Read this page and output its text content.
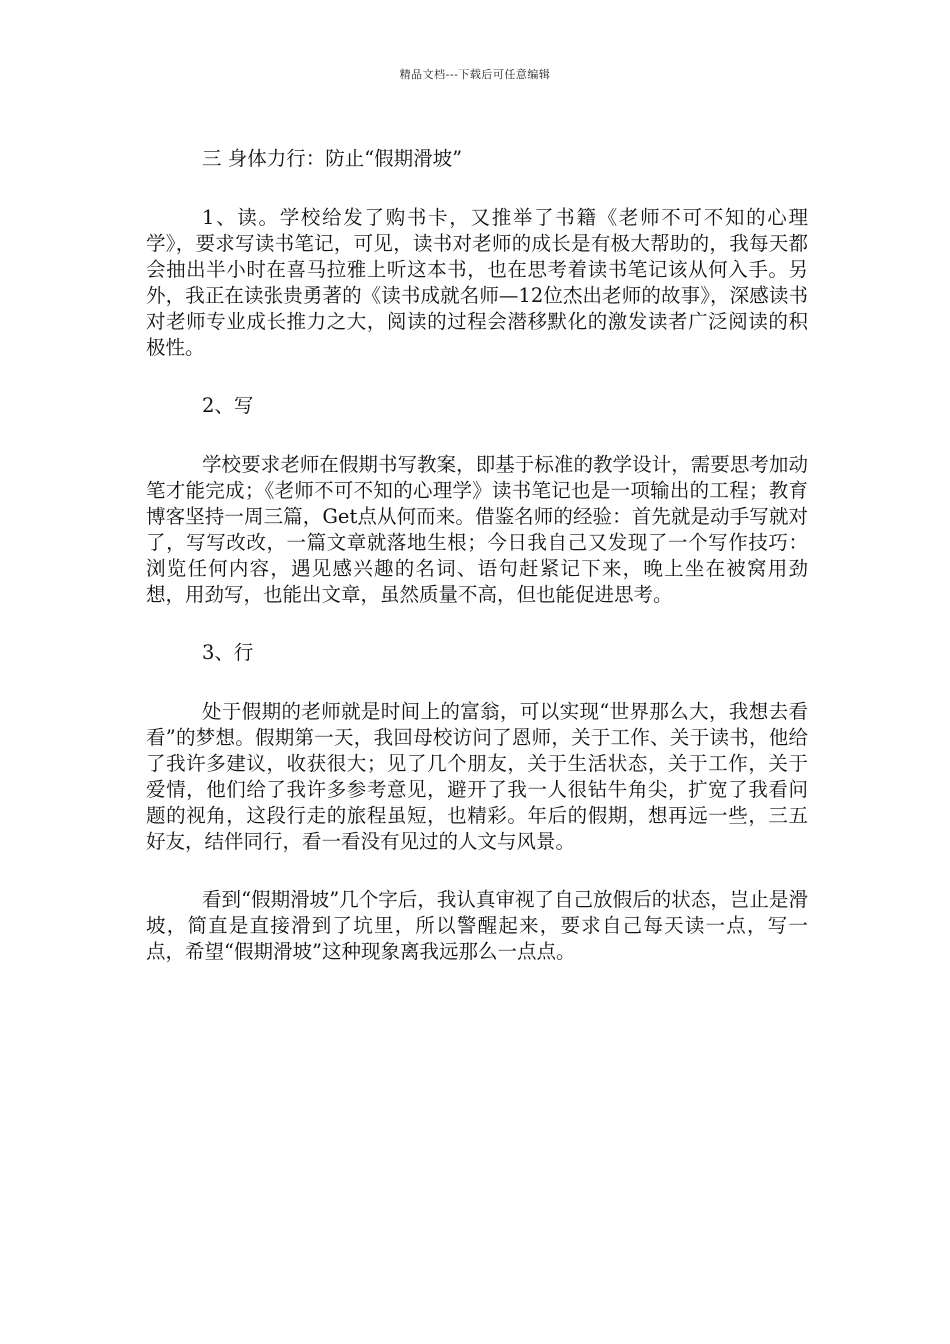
精品文档---下载后可任意编辑

三 身体力行：防止“假期滑坡”

1、读。学校给发了购书卡，又推举了书籍《老师不可不知的心理学》，要求写读书笔记，可见，读书对老师的成长是有极大帮助的，我每天都会抽出半小时在喜马拉雅上听这本书，也在思考着读书笔记该从何入手。另外，我正在读张贵勇著的《读书成就名师—12位杰出老师的故事》，深感读书对老师专业成长推力之大，阅读的过程会潜移默化的激发读者广泛阅读的积极性。

2、写

学校要求老师在假期书写教案，即基于标准的教学设计，需要思考加动笔才能完成；《老师不可不知的心理学》读书笔记也是一项输出的工程；教育博客坚持一周三篇，Get点从何而来。借鉴名师的经验：首先就是动手写就对了，写写改改，一篇文章就落地生根；今日我自己又发现了一个写作技巧：浏览任何内容，遇见感兴趣的名词、语句赶紧记下来，晚上坐在被窝用劲想，用劲写，也能出文章，虽然质量不高，但也能促进思考。

3、行

处于假期的老师就是时间上的富翁，可以实现“世界那么大，我想去看看”的梦想。假期第一天，我回母校访问了恩师，关于工作、关于读书，他给了我许多建议，收获很大；见了几个朋友，关于生活状态，关于工作，关于爱情，他们给了我许多参考意见，避开了我一人很钻牛角尖，扩宽了我看问题的视角，这段行走的旅程虽短，也精彩。年后的假期，想再远一些，三五好友，结伴同行，看一看没有见过的人文与风景。

看到“假期滑坡”几个字后，我认真审视了自己放假后的状态，岂止是滑坡，简直是直接滑到了坑里，所以警醒起来，要求自己每天读一点，写一点，希望“假期滑坡”这种现象离我远那么一点点。
